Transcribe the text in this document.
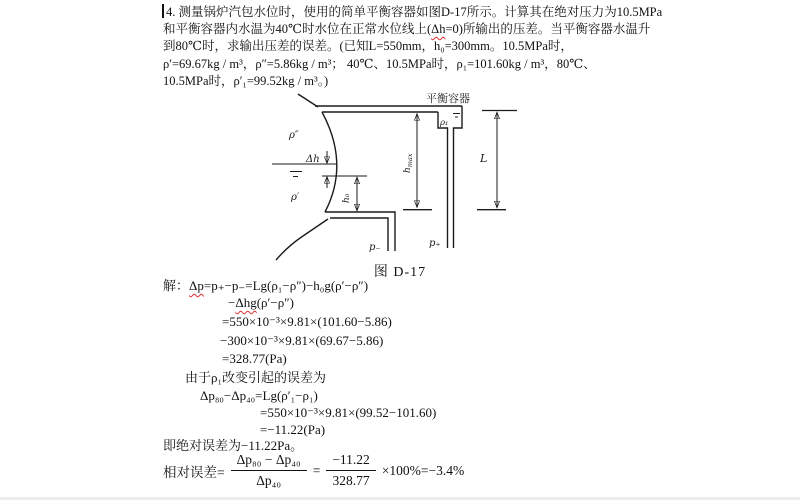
4. 测量锅炉汽包水位时，使用的简单平衡容器如图D-17所示。计算其在绝对压力为10.5MPa
和平衡容器内水温为40℃时水位在正常水位线上(Δh=0)所输出的压差。当平衡容器水温升
到80℃时，求输出压差的误差。(已知L=550mm，h₀=300mm。10.5MPa时，
ρ′=69.67kg / m³，ρ″=5.86kg / m³； 40℃、10.5MPa时，ρ₁=101.60kg / m³，80℃、
10.5MPa时，ρ′₁=99.52kg / m³。)
Δh
h₀
$h_{max}$	L
ρ₁
平衡容器
ρ″
ρ′
p₋	p₊
图 D-17
解：Δp=p₊−p₋=Lg(ρ₁−ρ″)−h₀g(ρ′−ρ″)
−Δhg(ρ′−ρ″)
=550×10⁻³×9.81×(101.60−5.86)
−300×10⁻³×9.81×(69.67−5.86)
=328.77(Pa)
由于ρ₁改变引起的误差为
Δp₈₀−Δp₄₀=Lg(ρ′₁−ρ₁)
=550×10⁻³×9.81×(99.52−101.60)
=−11.22(Pa)
即绝对误差为−11.22Pa。
相对误差= $\frac{\text{Δp₈₀ − Δp₄₀}}{\text{Δp₄₀}} = \frac{-11.22}{328.77} \times 100\%=-3.4\%$
